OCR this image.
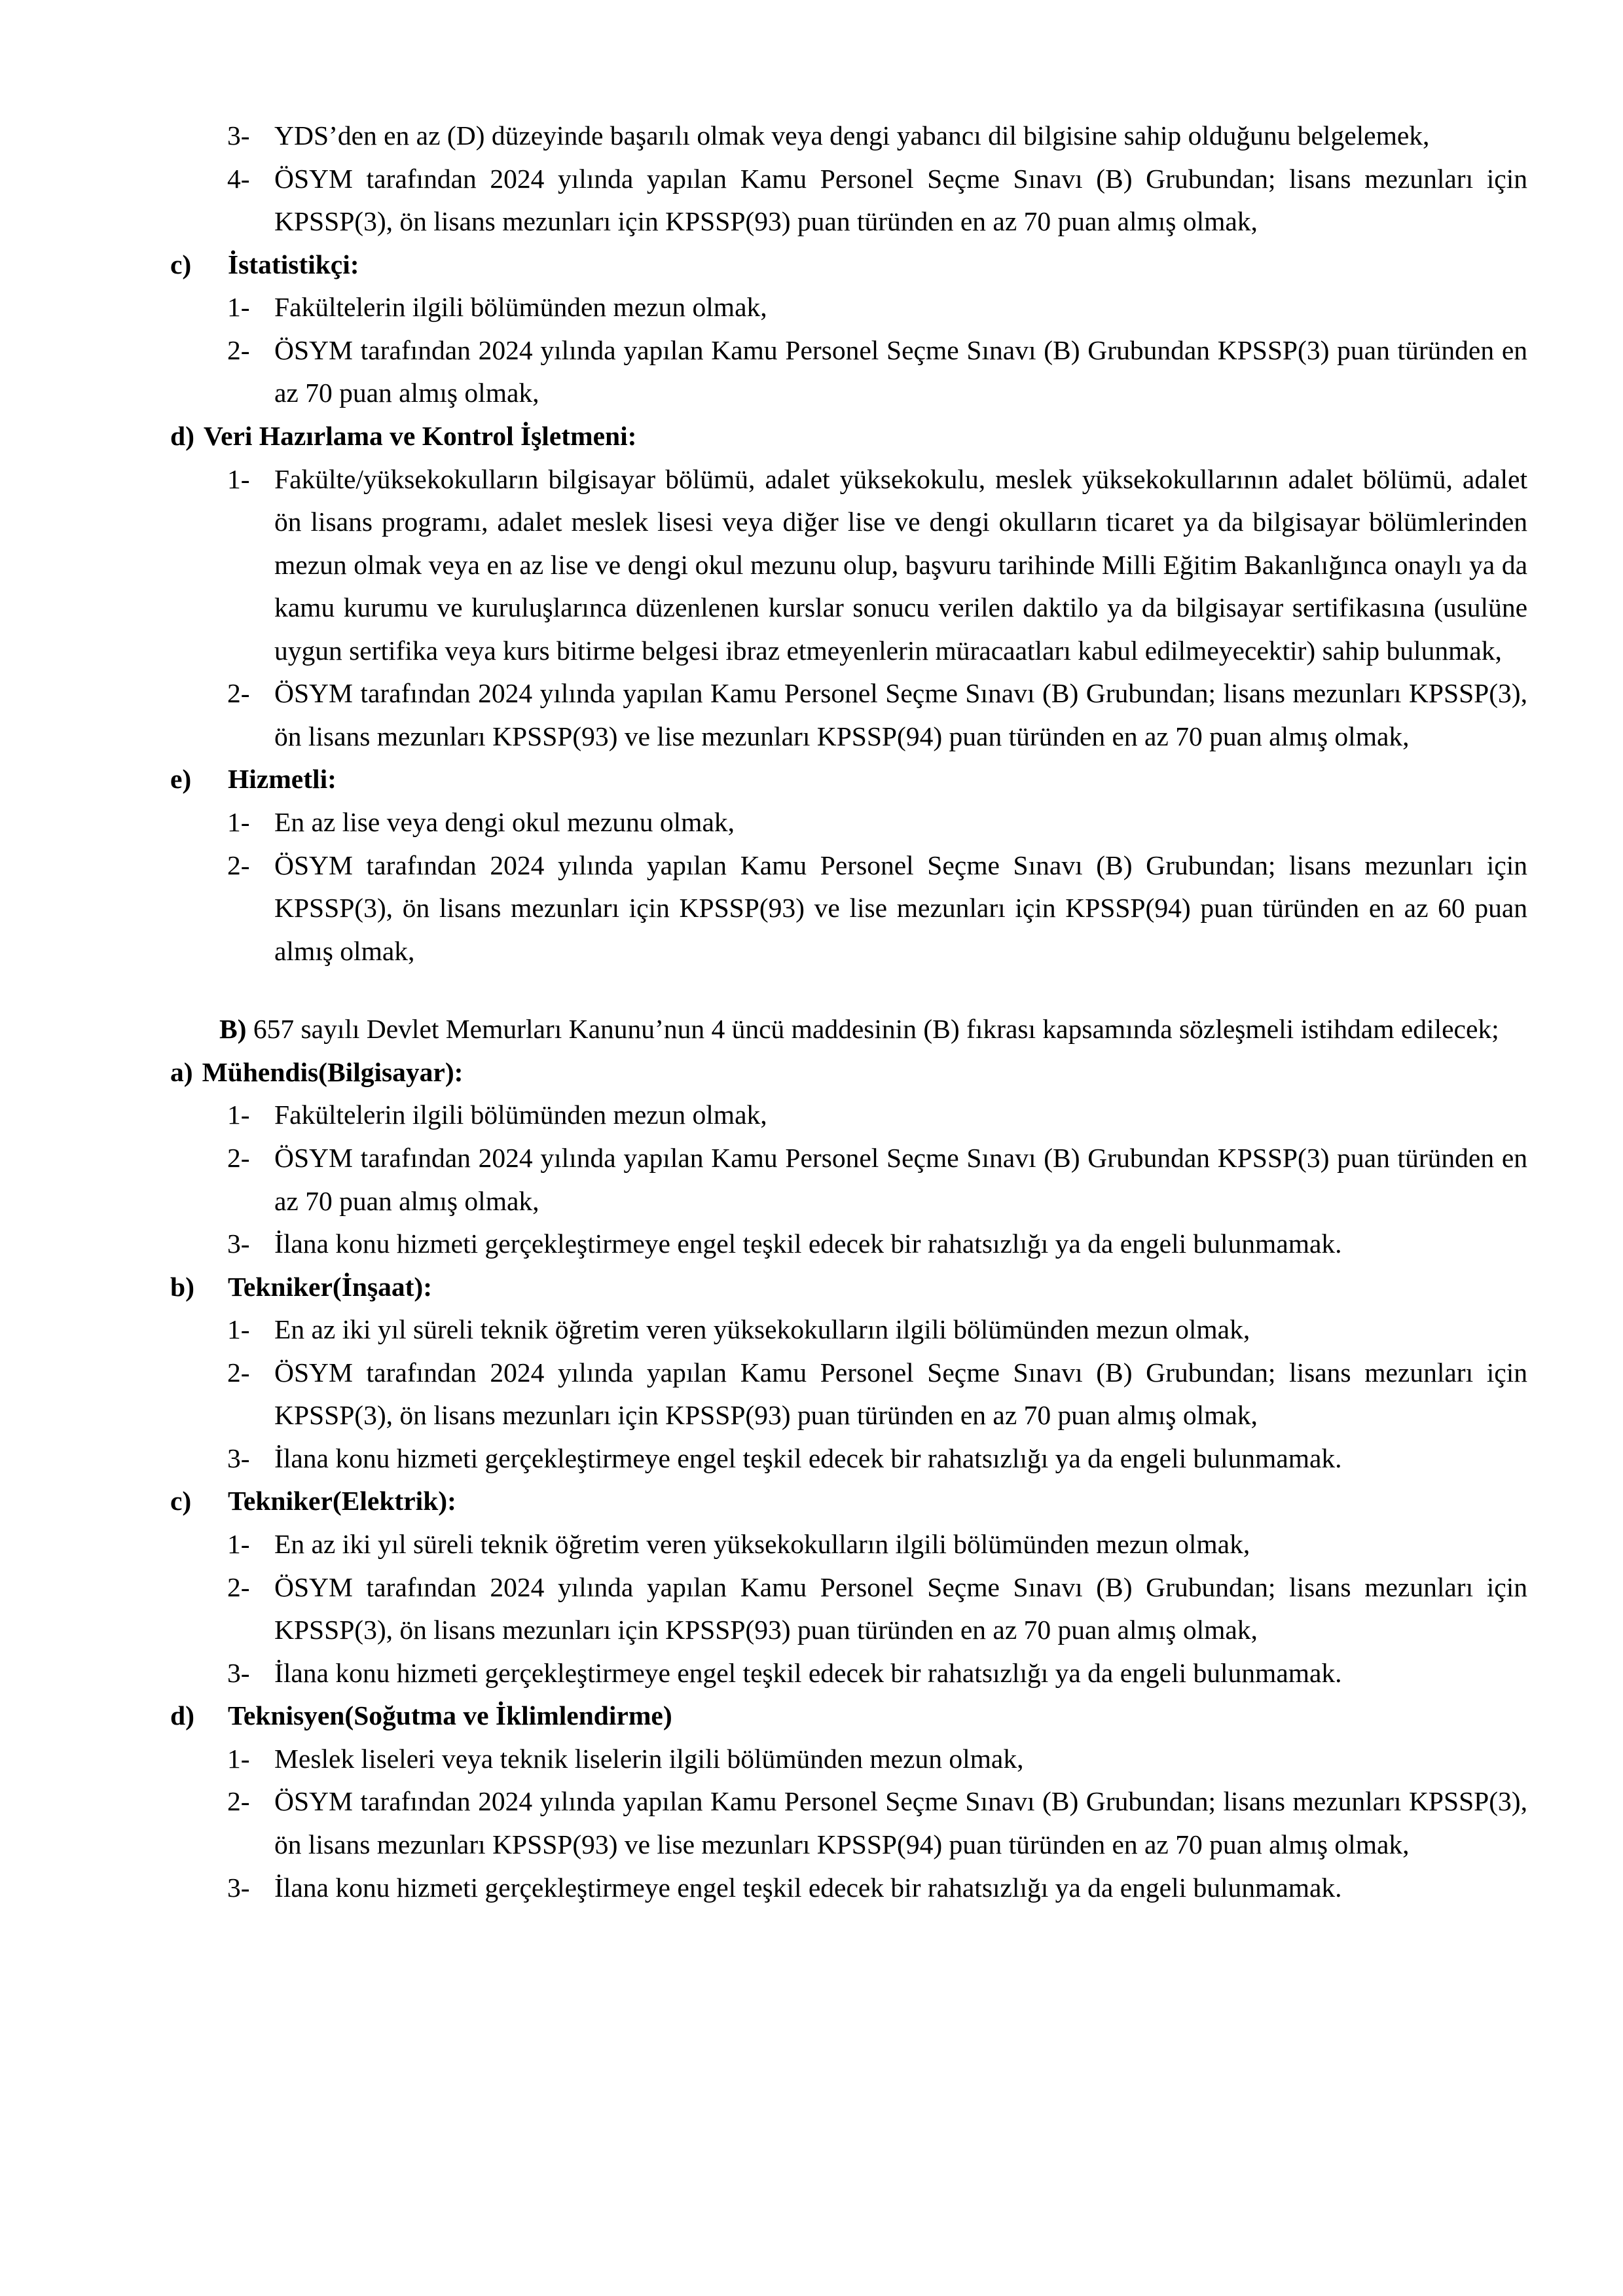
3- YDS’den en az (D) düzeyinde başarılı olmak veya dengi yabancı dil bilgisine sahip olduğunu belgelemek,
4- ÖSYM tarafından 2024 yılında yapılan Kamu Personel Seçme Sınavı (B) Grubundan; lisans mezunları için KPSSP(3), ön lisans mezunları için KPSSP(93) puan türünden en az 70 puan almış olmak,
c)	İstatistikçi:
1- Fakültelerin ilgili bölümünden mezun olmak,
2- ÖSYM tarafından 2024 yılında yapılan Kamu Personel Seçme Sınavı (B) Grubundan KPSSP(3) puan türünden en az 70 puan almış olmak,
d) Veri Hazırlama ve Kontrol İşletmeni:
1- Fakülte/yüksekokulların bilgisayar bölümü, adalet yüksekokulu, meslek yüksekokullarının adalet bölümü, adalet ön lisans programı, adalet meslek lisesi veya diğer lise ve dengi okulların ticaret ya da bilgisayar bölümlerinden mezun olmak veya en az lise ve dengi okul mezunu olup, başvuru tarihinde Milli Eğitim Bakanlığınca onaylı ya da kamu kurumu ve kuruluşlarınca düzenlenen kurslar sonucu verilen daktilo ya da bilgisayar sertifikasına (usulüne uygun sertifika veya kurs bitirme belgesi ibraz etmeyenlerin müracaatları kabul edilmeyecektir) sahip bulunmak,
2- ÖSYM tarafından 2024 yılında yapılan Kamu Personel Seçme Sınavı (B) Grubundan; lisans mezunları KPSSP(3), ön lisans mezunları KPSSP(93) ve lise mezunları KPSSP(94) puan türünden en az 70 puan almış olmak,
e)	Hizmetli:
1- En az lise veya dengi okul mezunu olmak,
2- ÖSYM tarafından 2024 yılında yapılan Kamu Personel Seçme Sınavı (B) Grubundan; lisans mezunları için KPSSP(3), ön lisans mezunları için KPSSP(93) ve lise mezunları için KPSSP(94) puan türünden en az 60 puan almış olmak,
B) 657 sayılı Devlet Memurları Kanunu’nun 4 üncü maddesinin (B) fıkrası kapsamında sözleşmeli istihdam edilecek;
a) Mühendis(Bilgisayar):
1- Fakültelerin ilgili bölümünden mezun olmak,
2- ÖSYM tarafından 2024 yılında yapılan Kamu Personel Seçme Sınavı (B) Grubundan KPSSP(3) puan türünden en az 70 puan almış olmak,
3- İlana konu hizmeti gerçekleştirmeye engel teşkil edecek bir rahatsızlığı ya da engeli bulunmamak.
b)	Tekniker(İnşaat):
1- En az iki yıl süreli teknik öğretim veren yüksekokulların ilgili bölümünden mezun olmak,
2- ÖSYM tarafından 2024 yılında yapılan Kamu Personel Seçme Sınavı (B) Grubundan; lisans mezunları için KPSSP(3), ön lisans mezunları için KPSSP(93) puan türünden en az 70 puan almış olmak,
3- İlana konu hizmeti gerçekleştirmeye engel teşkil edecek bir rahatsızlığı ya da engeli bulunmamak.
c)	Tekniker(Elektrik):
1- En az iki yıl süreli teknik öğretim veren yüksekokulların ilgili bölümünden mezun olmak,
2- ÖSYM tarafından 2024 yılında yapılan Kamu Personel Seçme Sınavı (B) Grubundan; lisans mezunları için KPSSP(3), ön lisans mezunları için KPSSP(93) puan türünden en az 70 puan almış olmak,
3- İlana konu hizmeti gerçekleştirmeye engel teşkil edecek bir rahatsızlığı ya da engeli bulunmamak.
d)	Teknisyen(Soğutma ve İklimlendirme)
1- Meslek liseleri veya teknik liselerin ilgili bölümünden mezun olmak,
2- ÖSYM tarafından 2024 yılında yapılan Kamu Personel Seçme Sınavı (B) Grubundan; lisans mezunları KPSSP(3), ön lisans mezunları KPSSP(93) ve lise mezunları KPSSP(94) puan türünden en az 70 puan almış olmak,
3- İlana konu hizmeti gerçekleştirmeye engel teşkil edecek bir rahatsızlığı ya da engeli bulunmamak.
